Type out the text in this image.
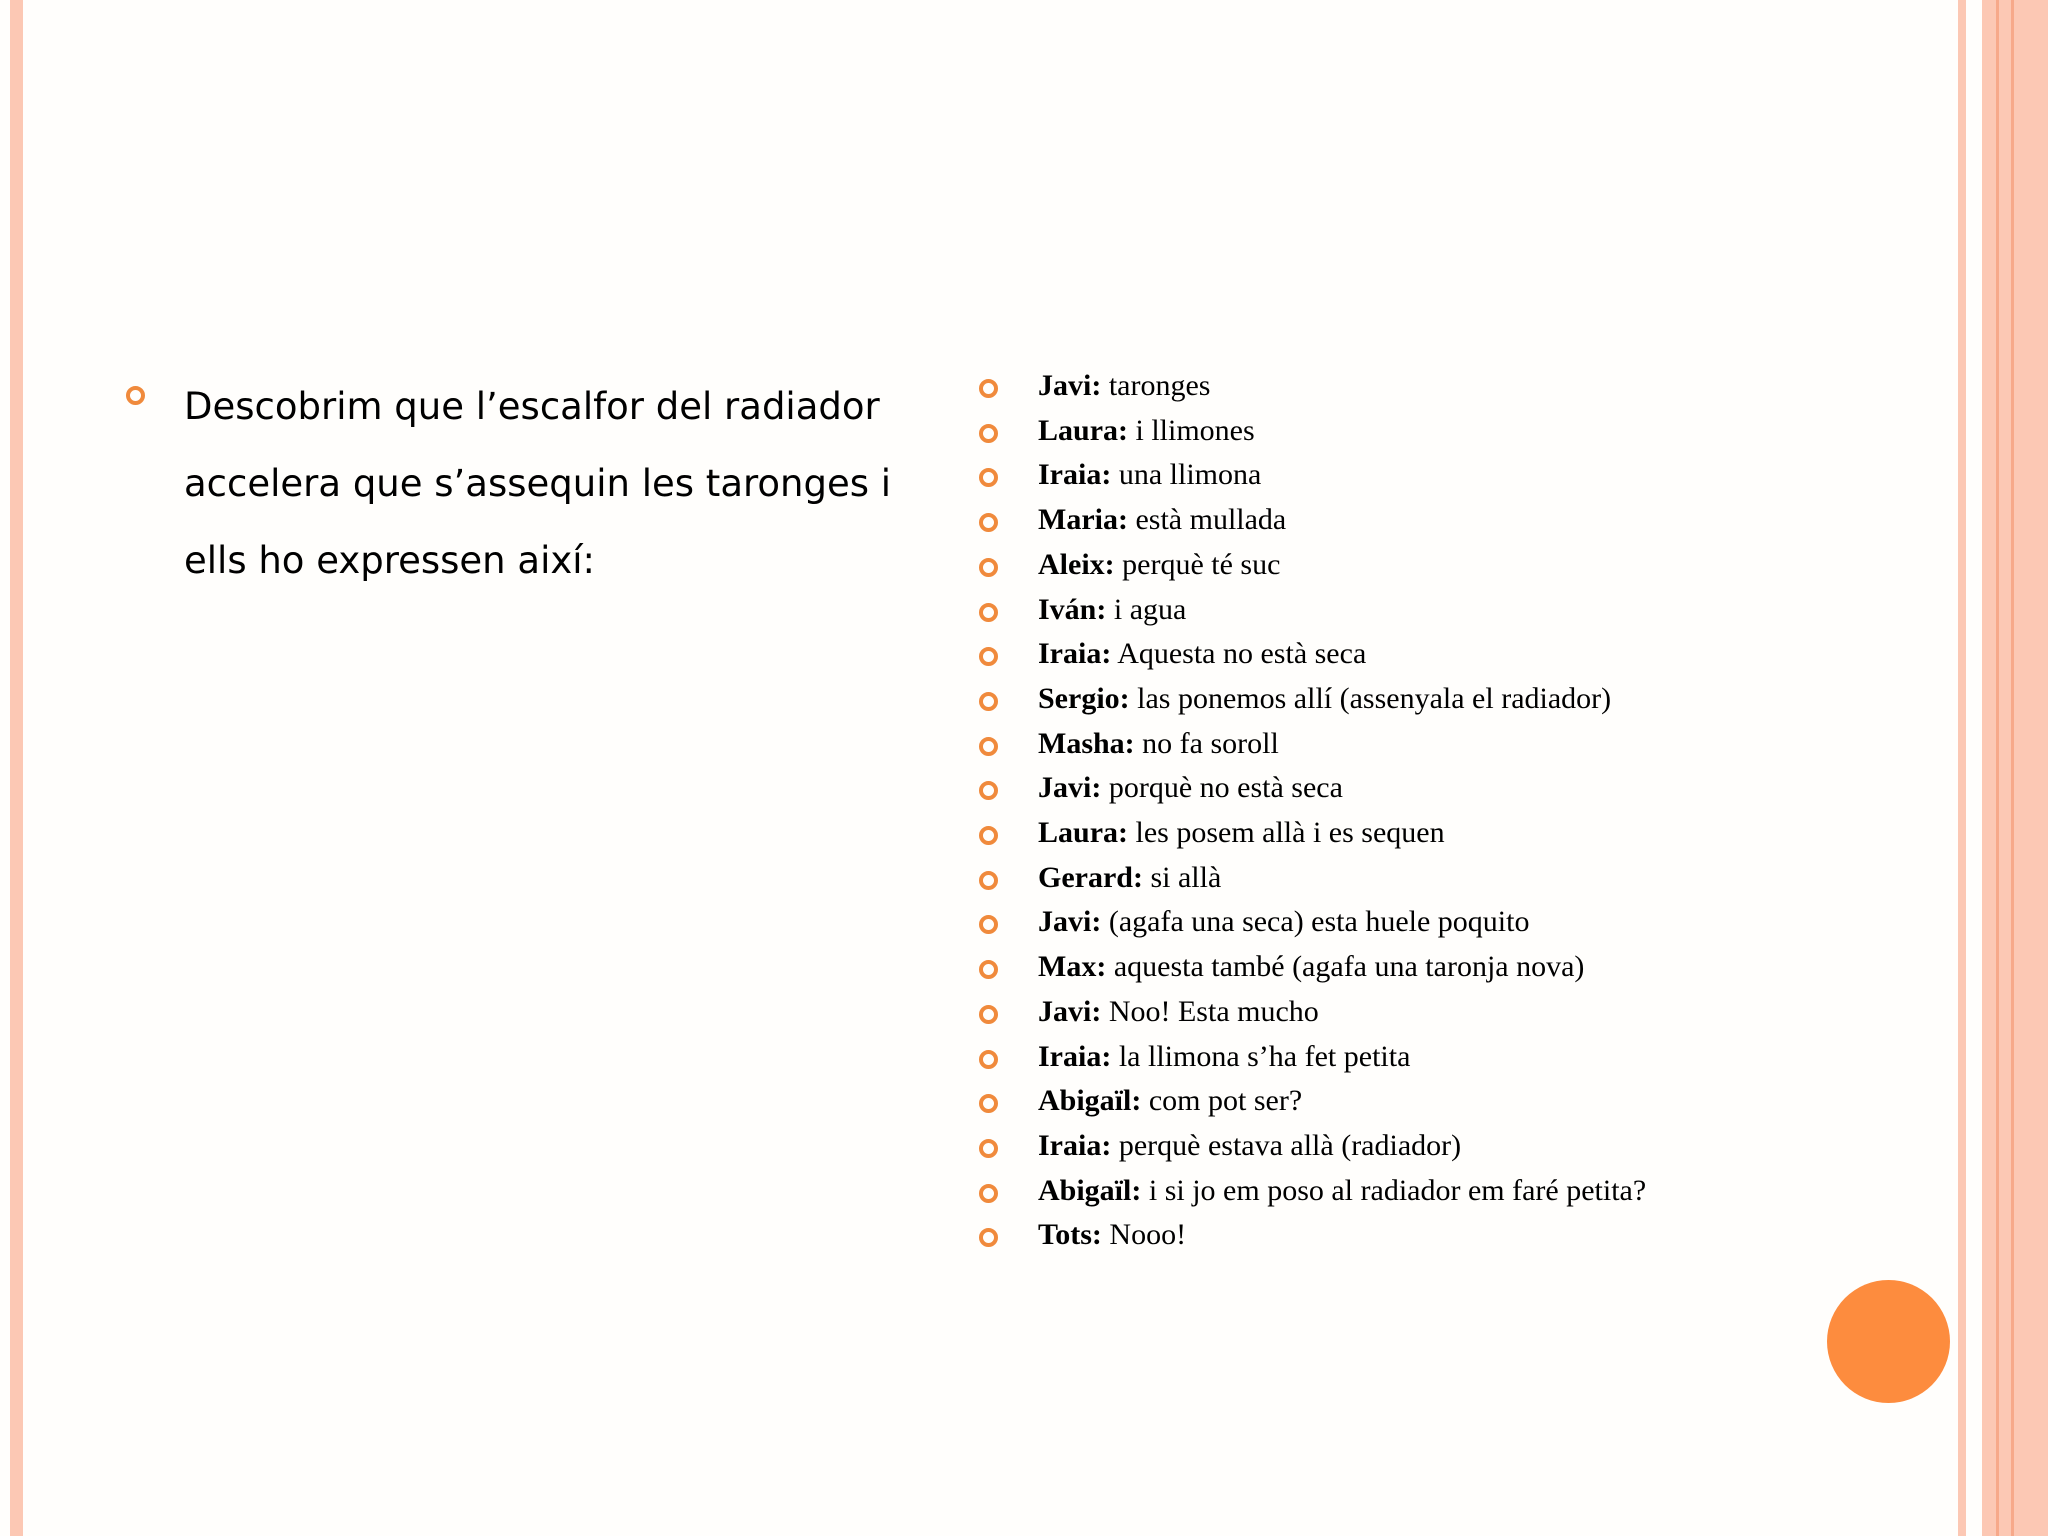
Descobrim que l’escalfor del radiador accelera que s’assequin les taronges i ells ho expressen així:
Javi: taronges
Laura: i llimones
Iraia: una llimona
Maria: està mullada
Aleix: perquè té suc
Iván: i agua
Iraia: Aquesta no està seca
Sergio: las ponemos allí (assenyala el radiador)
Masha: no fa soroll
Javi: porquè no està seca
Laura: les posem allà i es sequen
Gerard: si allà
Javi: (agafa una seca) esta huele poquito
Max: aquesta també (agafa una taronja nova)
Javi: Noo! Esta mucho
Iraia: la llimona s’ha fet petita
Abigaïl: com pot ser?
Iraia: perquè estava allà (radiador)
Abigaïl: i si jo em poso al radiador em faré petita?
Tots: Nooo!
